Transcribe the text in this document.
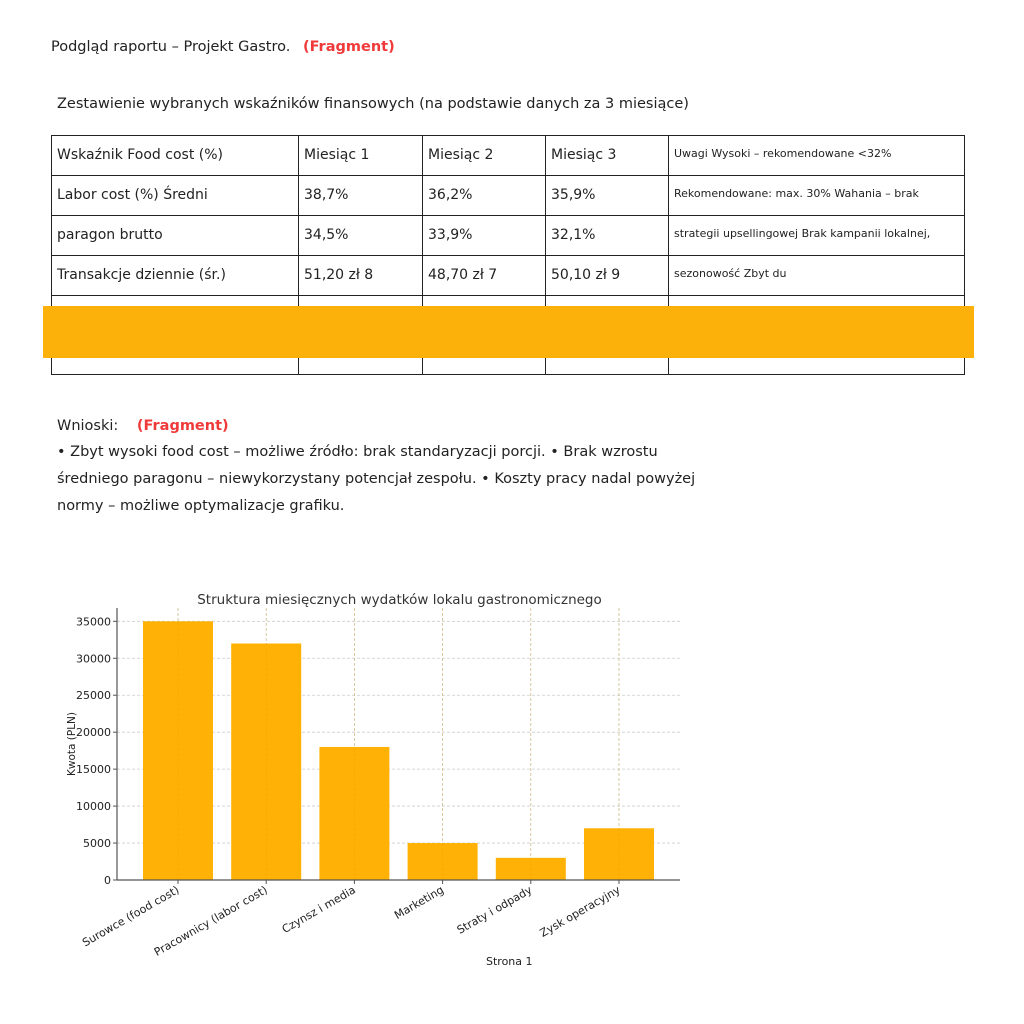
Podgląd raportu – Projekt Gastro. (Fragment)
Zestawienie wybranych wskaźników finansowych (na podstawie danych za 3 miesiące)
Wskaźnik Food cost (%)	Miesiąc 1	Miesiąc 2	Miesiąc 3	Uwagi Wysoki – rekomendowane <32%
Labor cost (%) Średni	38,7%	36,2%	35,9%	Rekomendowane: max. 30% Wahania – brak
paragon brutto	34,5%	33,9%	32,1%	strategii upsellingowej Brak kampanii lokalnej,
Transakcje dziennie (śr.)	51,20 zł 8	48,70 zł 7	50,10 zł 9	sezonowość Zbyt du
Wnioski: (Fragment)
• Zbyt wysoki food cost – możliwe źródło: brak standaryzacji porcji. • Brak wzrostu średniego paragonu – niewykorzystany potencjał zespołu. • Koszty pracy nadal powyżej normy – możliwe optymalizacje grafiku.
0
5000
10000
15000
20000
25000
30000
35000
Surowce (food cost)
Pracownicy (labor cost) Czynsz i media	Marketing Straty i odpady Zysk operacyjny
Struktura miesięcznych wydatków lokalu gastronomicznego
Kwota (PLN)
Strona 1
